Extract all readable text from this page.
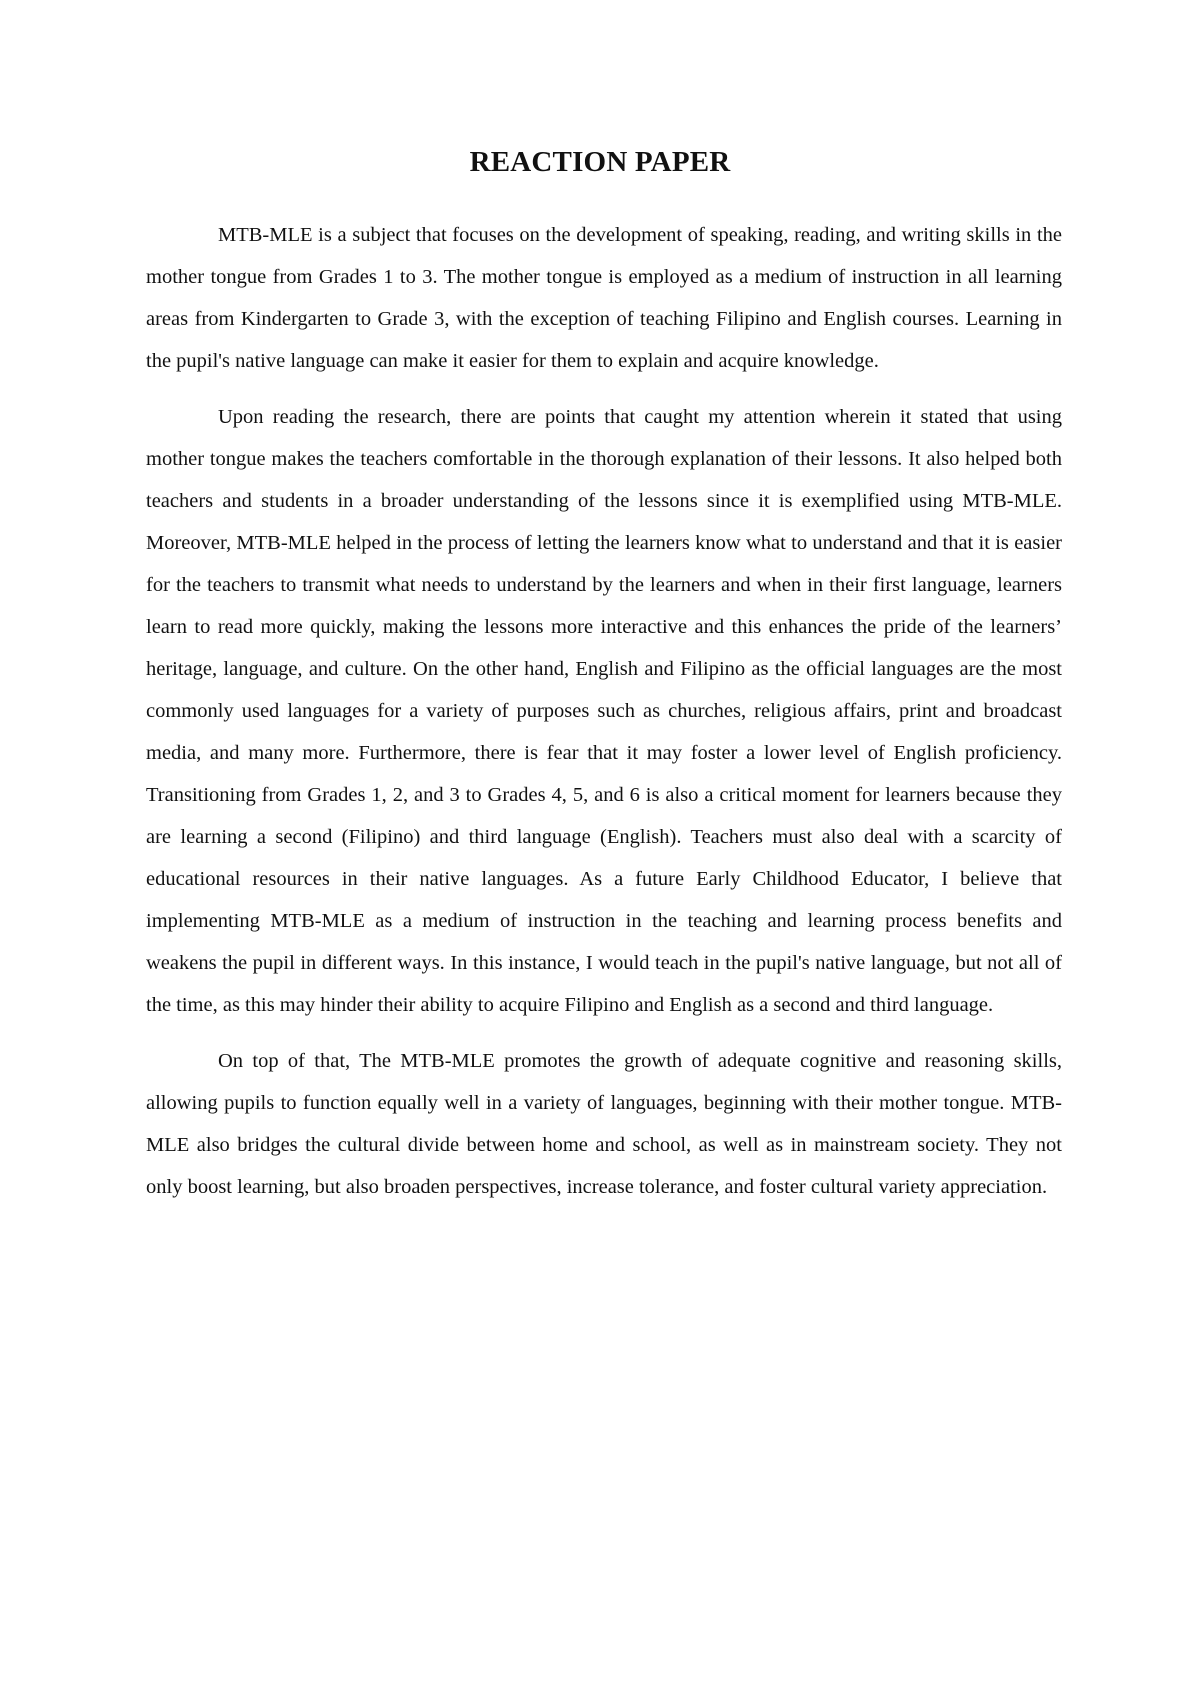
REACTION PAPER

MTB-MLE is a subject that focuses on the development of speaking, reading, and writing skills in the mother tongue from Grades 1 to 3. The mother tongue is employed as a medium of instruction in all learning areas from Kindergarten to Grade 3, with the exception of teaching Filipino and English courses. Learning in the pupil's native language can make it easier for them to explain and acquire knowledge.

Upon reading the research, there are points that caught my attention wherein it stated that using mother tongue makes the teachers comfortable in the thorough explanation of their lessons. It also helped both teachers and students in a broader understanding of the lessons since it is exemplified using MTB-MLE. Moreover, MTB-MLE helped in the process of letting the learners know what to understand and that it is easier for the teachers to transmit what needs to understand by the learners and when in their first language, learners learn to read more quickly, making the lessons more interactive and this enhances the pride of the learners’ heritage, language, and culture. On the other hand, English and Filipino as the official languages are the most commonly used languages for a variety of purposes such as churches, religious affairs, print and broadcast media, and many more. Furthermore, there is fear that it may foster a lower level of English proficiency. Transitioning from Grades 1, 2, and 3 to Grades 4, 5, and 6 is also a critical moment for learners because they are learning a second (Filipino) and third language (English). Teachers must also deal with a scarcity of educational resources in their native languages. As a future Early Childhood Educator, I believe that implementing MTB-MLE as a medium of instruction in the teaching and learning process benefits and weakens the pupil in different ways. In this instance, I would teach in the pupil's native language, but not all of the time, as this may hinder their ability to acquire Filipino and English as a second and third language.

On top of that, The MTB-MLE promotes the growth of adequate cognitive and reasoning skills, allowing pupils to function equally well in a variety of languages, beginning with their mother tongue. MTB-MLE also bridges the cultural divide between home and school, as well as in mainstream society. They not only boost learning, but also broaden perspectives, increase tolerance, and foster cultural variety appreciation.
